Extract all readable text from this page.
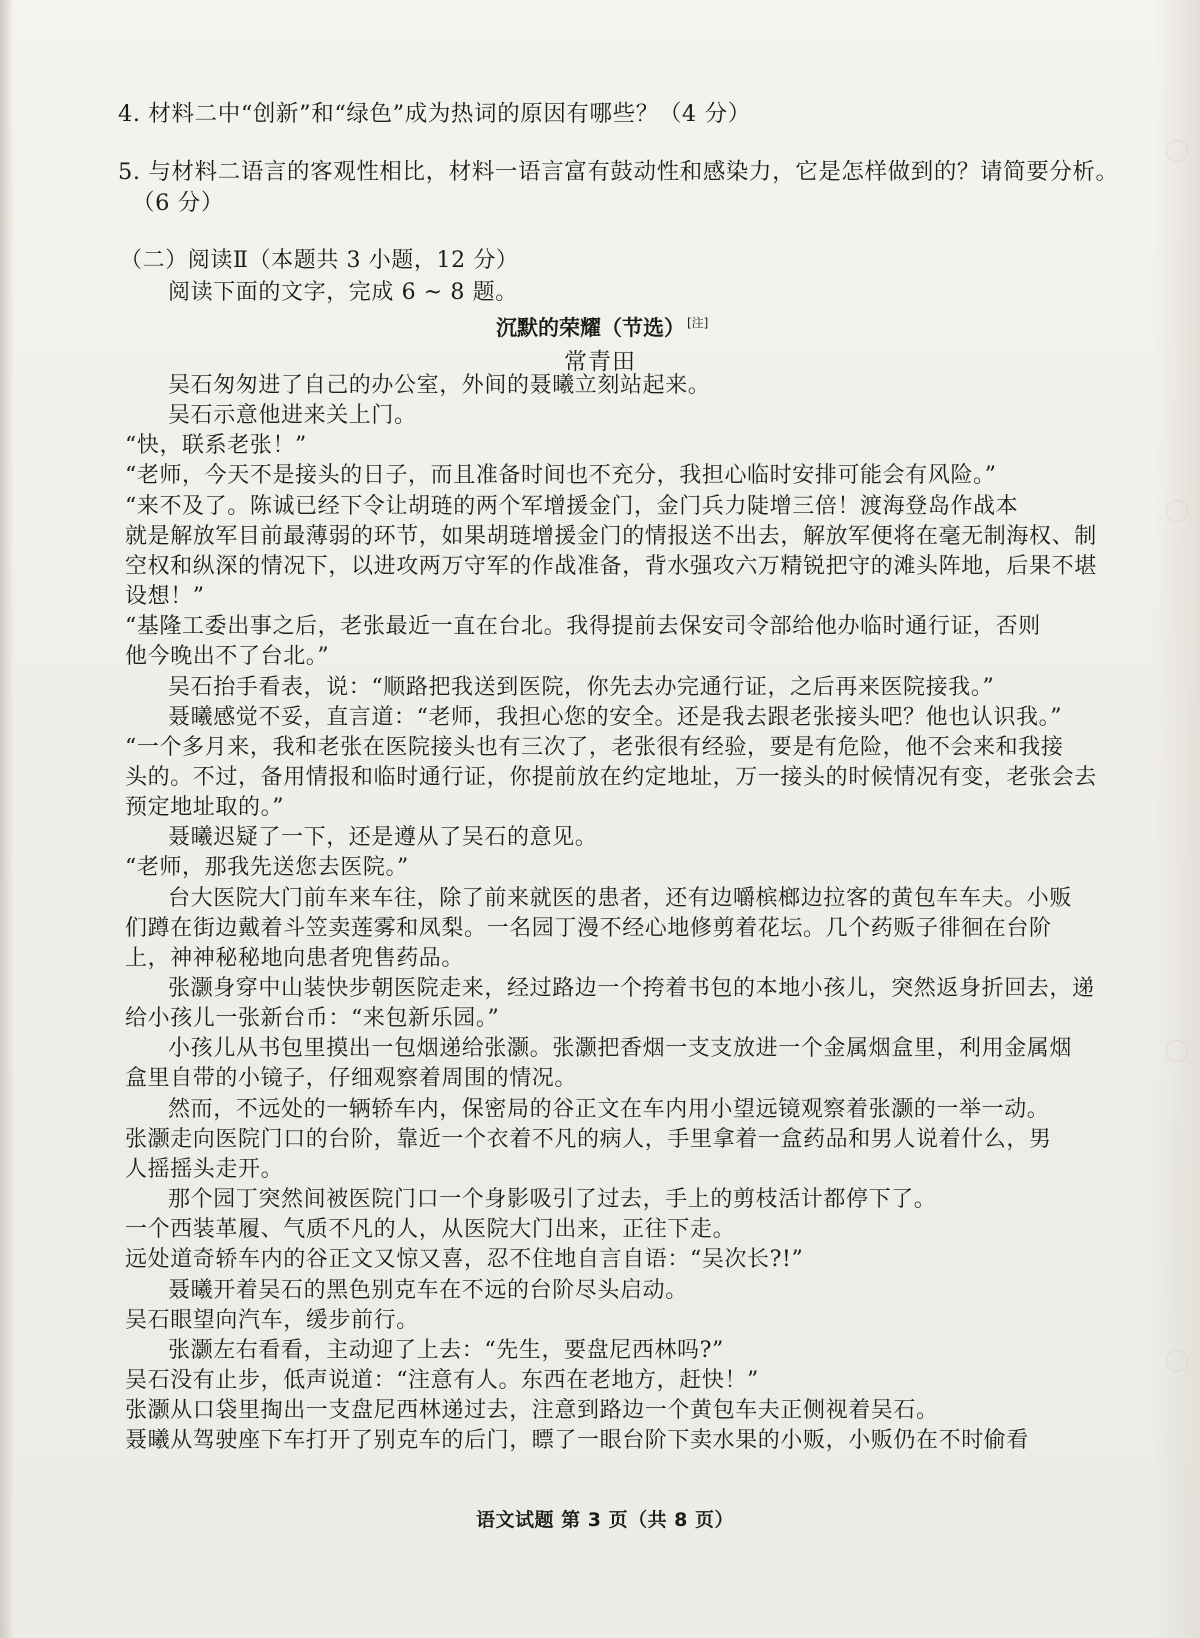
4. 材料二中“创新”和“绿色”成为热词的原因有哪些？（4 分）
5. 与材料二语言的客观性相比，材料一语言富有鼓动性和感染力，它是怎样做到的？请简要分析。
（6 分）
（二）阅读Ⅱ（本题共 3 小题，12 分）
阅读下面的文字，完成 6 ~ 8 题。
沉默的荣耀（节选） [注]
常青田
吴石匆匆进了自己的办公室，外间的聂曦立刻站起来。
吴石示意他进来关上门。
“快，联系老张！”
“老师，今天不是接头的日子，而且准备时间也不充分，我担心临时安排可能会有风险。”
“来不及了。陈诚已经下令让胡琏的两个军增援金门，金门兵力陡增三倍！渡海登岛作战本
就是解放军目前最薄弱的环节，如果胡琏增援金门的情报送不出去，解放军便将在毫无制海权、制
空权和纵深的情况下，以进攻两万守军的作战准备，背水强攻六万精锐把守的滩头阵地，后果不堪
设想！”
“基隆工委出事之后，老张最近一直在台北。我得提前去保安司令部给他办临时通行证，否则
他今晚出不了台北。”
吴石抬手看表，说：“顺路把我送到医院，你先去办完通行证，之后再来医院接我。”
聂曦感觉不妥，直言道：“老师，我担心您的安全。还是我去跟老张接头吧？他也认识我。”
“一个多月来，我和老张在医院接头也有三次了，老张很有经验，要是有危险，他不会来和我接
头的。不过，备用情报和临时通行证，你提前放在约定地址，万一接头的时候情况有变，老张会去
预定地址取的。”
聂曦迟疑了一下，还是遵从了吴石的意见。
“老师，那我先送您去医院。”
台大医院大门前车来车往，除了前来就医的患者，还有边嚼槟榔边拉客的黄包车车夫。小贩
们蹲在街边戴着斗笠卖莲雾和凤梨。一名园丁漫不经心地修剪着花坛。几个药贩子徘徊在台阶
上，神神秘秘地向患者兜售药品。
张灏身穿中山装快步朝医院走来，经过路边一个挎着书包的本地小孩儿，突然返身折回去，递
给小孩儿一张新台币：“来包新乐园。”
小孩儿从书包里摸出一包烟递给张灏。张灏把香烟一支支放进一个金属烟盒里，利用金属烟
盒里自带的小镜子，仔细观察着周围的情况。
然而，不远处的一辆轿车内，保密局的谷正文在车内用小望远镜观察着张灏的一举一动。
张灏走向医院门口的台阶，靠近一个衣着不凡的病人，手里拿着一盒药品和男人说着什么，男
人摇摇头走开。
那个园丁突然间被医院门口一个身影吸引了过去，手上的剪枝活计都停下了。
一个西装革履、气质不凡的人，从医院大门出来，正往下走。
远处道奇轿车内的谷正文又惊又喜，忍不住地自言自语：“吴次长?!”
聂曦开着吴石的黑色别克车在不远的台阶尽头启动。
吴石眼望向汽车，缓步前行。
张灏左右看看，主动迎了上去：“先生，要盘尼西林吗?”
吴石没有止步，低声说道：“注意有人。东西在老地方，赶快！”
张灏从口袋里掏出一支盘尼西林递过去，注意到路边一个黄包车夫正侧视着吴石。
聂曦从驾驶座下车打开了别克车的后门，瞟了一眼台阶下卖水果的小贩，小贩仍在不时偷看
语文试题 第 3 页（共 8 页）
